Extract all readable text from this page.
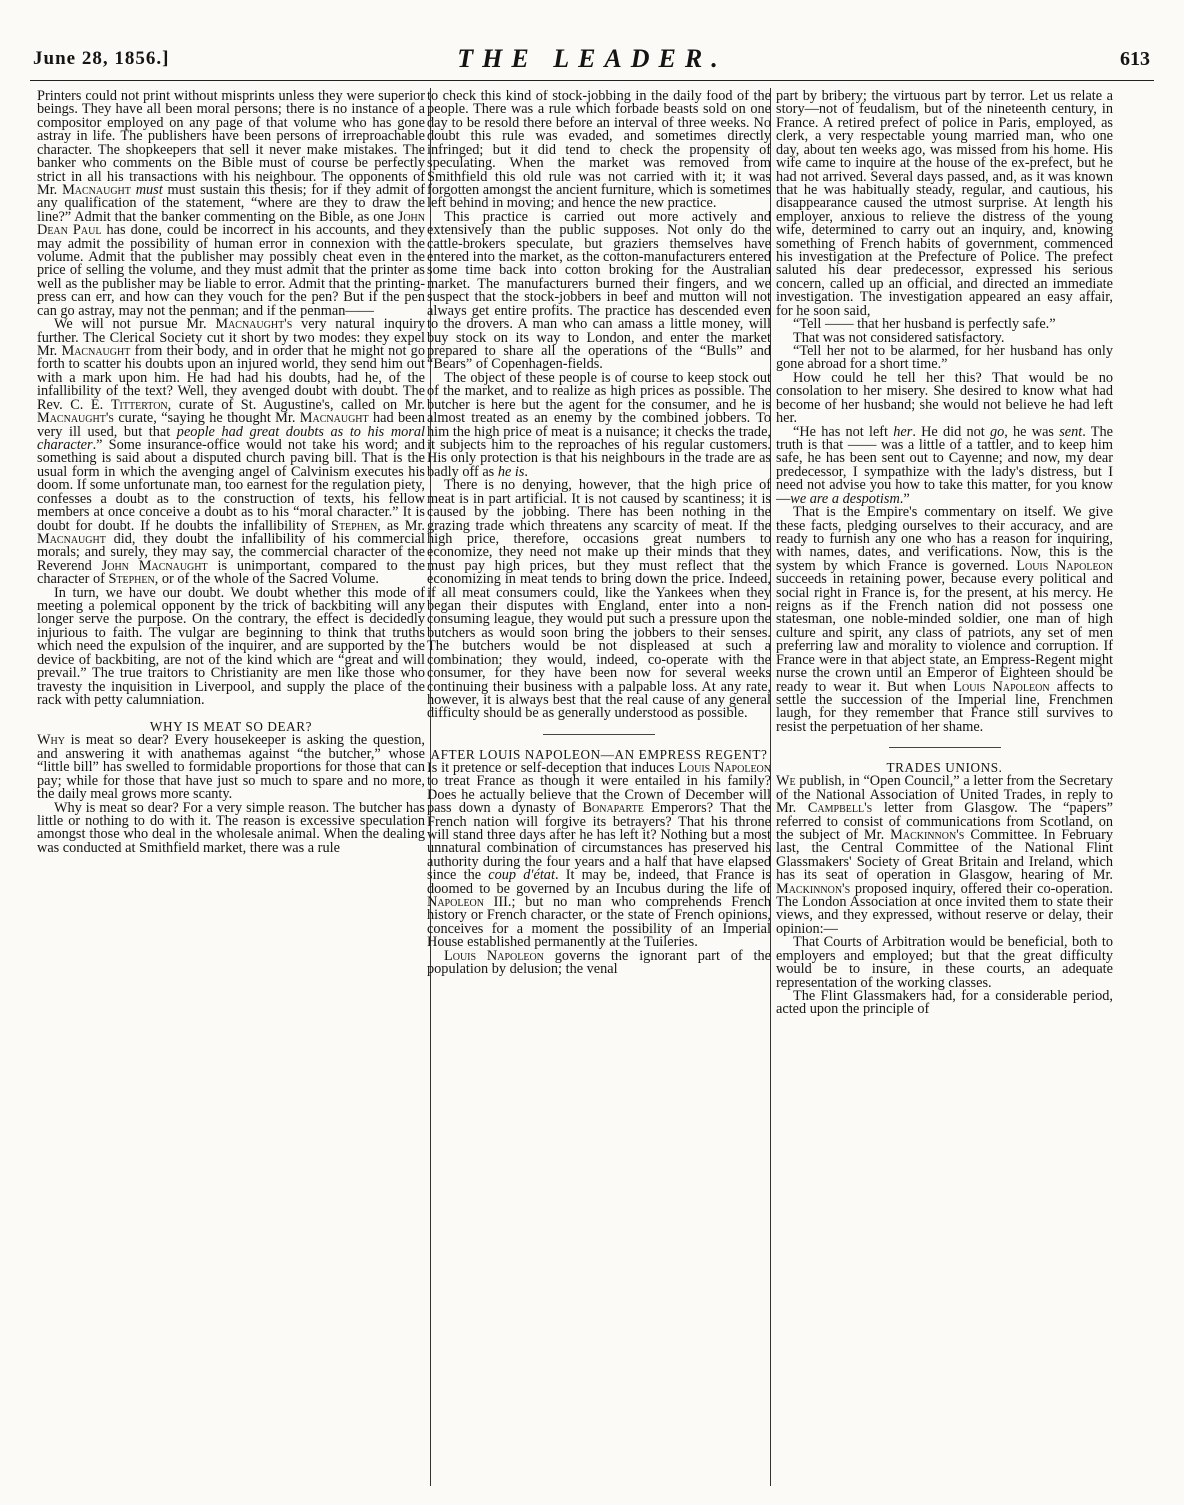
June 28, 1856.]	THE LEADER.	613

Printers could not print without misprints unless they were superior beings. They have all been moral persons; there is no instance of a compositor employed on any page of that volume who has gone astray in life. The publishers have been persons of irreproachable character. The shopkeepers that sell it never make mistakes. The banker who comments on the Bible must of course be perfectly strict in all his transactions with his neighbour. The opponents of Mr. Macnaught must must sustain this thesis; for if they admit of any qualification of the statement, “where are they to draw the line?” Admit that the banker commenting on the Bible, as one John Dean Paul has done, could be incorrect in his accounts, and they may admit the possibility of human error in connexion with the volume. Admit that the publisher may possibly cheat even in the price of selling the volume, and they must admit that the printer as well as the publisher may be liable to error. Admit that the printing-press can err, and how can they vouch for the pen? But if the pen can go astray, may not the penman; and if the penman——

We will not pursue Mr. Macnaught's very natural inquiry further. The Clerical Society cut it short by two modes: they expel Mr. Macnaught from their body, and in order that he might not go forth to scatter his doubts upon an injured world, they send him out with a mark upon him. He had had his doubts, had he, of the infallibility of the text? Well, they avenged doubt with doubt. The Rev. C. E. Titterton, curate of St. Augustine's, called on Mr. Macnaught's curate, “saying he thought Mr. Macnaught had been very ill used, but that people had great doubts as to his moral character.” Some insurance-office would not take his word; and something is said about a disputed church paving bill. That is the usual form in which the avenging angel of Calvinism executes his doom. If some unfortunate man, too earnest for the regulation piety, confesses a doubt as to the construction of texts, his fellow members at once conceive a doubt as to his “moral character.” It is doubt for doubt. If he doubts the infallibility of Stephen, as Mr. Macnaught did, they doubt the infallibility of his commercial morals; and surely, they may say, the commercial character of the Reverend John Macnaught is unimportant, compared to the character of Stephen, or of the whole of the Sacred Volume.

In turn, we have our doubt. We doubt whether this mode of meeting a polemical opponent by the trick of backbiting will any longer serve the purpose. On the contrary, the effect is decidedly injurious to faith. The vulgar are beginning to think that truths which need the expulsion of the inquirer, and are supported by the device of backbiting, are not of the kind which are “great and will prevail.” The true traitors to Christianity are men like those who travesty the inquisition in Liverpool, and supply the place of the rack with petty calumniation.

WHY IS MEAT SO DEAR?

Why is meat so dear? Every housekeeper is asking the question, and answering it with anathemas against “the butcher,” whose “little bill” has swelled to formidable proportions for those that can pay; while for those that have just so much to spare and no more, the daily meal grows more scanty.

Why is meat so dear? For a very simple reason. The butcher has little or nothing to do with it. The reason is excessive speculation amongst those who deal in the wholesale animal. When the dealing was conducted at Smithfield market, there was a rule

to check this kind of stock-jobbing in the daily food of the people. There was a rule which forbade beasts sold on one day to be resold there before an interval of three weeks. No doubt this rule was evaded, and sometimes directly infringed; but it did tend to check the propensity of speculating. When the market was removed from Smithfield this old rule was not carried with it; it was forgotten amongst the ancient furniture, which is sometimes left behind in moving; and hence the new practice.

This practice is carried out more actively and extensively than the public supposes. Not only do the cattle-brokers speculate, but graziers themselves have entered into the market, as the cotton-manufacturers entered some time back into cotton broking for the Australian market. The manufacturers burned their fingers, and we suspect that the stock-jobbers in beef and mutton will not always get entire profits. The practice has descended even to the drovers. A man who can amass a little money, will buy stock on its way to London, and enter the market prepared to share all the operations of the “Bulls” and “Bears” of Copenhagen-fields.

The object of these people is of course to keep stock out of the market, and to realize as high prices as possible. The butcher is here but the agent for the consumer, and he is almost treated as an enemy by the combined jobbers. To him the high price of meat is a nuisance; it checks the trade, it subjects him to the reproaches of his regular customers. His only protection is that his neighbours in the trade are as badly off as he is.

There is no denying, however, that the high price of meat is in part artificial. It is not caused by scantiness; it is caused by the jobbing. There has been nothing in the grazing trade which threatens any scarcity of meat. If the high price, therefore, occasions great numbers to economize, they need not make up their minds that they must pay high prices, but they must reflect that the economizing in meat tends to bring down the price. Indeed, if all meat consumers could, like the Yankees when they began their disputes with England, enter into a non-consuming league, they would put such a pressure upon the butchers as would soon bring the jobbers to their senses. The butchers would be not displeased at such a combination; they would, indeed, co-operate with the consumer, for they have been now for several weeks continuing their business with a palpable loss. At any rate, however, it is always best that the real cause of any general difficulty should be as generally understood as possible.

AFTER LOUIS NAPOLEON—AN EMPRESS REGENT?

Is it pretence or self-deception that induces Louis Napoleon to treat France as though it were entailed in his family? Does he actually believe that the Crown of December will pass down a dynasty of Bonaparte Emperors? That the French nation will forgive its betrayers? That his throne will stand three days after he has left it? Nothing but a most unnatural combination of circumstances has preserved his authority during the four years and a half that have elapsed since the coup d'état. It may be, indeed, that France is doomed to be governed by an Incubus during the life of Napoleon III.; but no man who comprehends French history or French character, or the state of French opinions, conceives for a moment the possibility of an Imperial House established permanently at the Tuileries.

Louis Napoleon governs the ignorant part of the population by delusion; the venal

part by bribery; the virtuous part by terror. Let us relate a story—not of feudalism, but of the nineteenth century, in France. A retired prefect of police in Paris, employed, as clerk, a very respectable young married man, who one day, about ten weeks ago, was missed from his home. His wife came to inquire at the house of the ex-prefect, but he had not arrived. Several days passed, and, as it was known that he was habitually steady, regular, and cautious, his disappearance caused the utmost surprise. At length his employer, anxious to relieve the distress of the young wife, determined to carry out an inquiry, and, knowing something of French habits of government, commenced his investigation at the Prefecture of Police. The prefect saluted his dear predecessor, expressed his serious concern, called up an official, and directed an immediate investigation. The investigation appeared an easy affair, for he soon said,

“Tell —— that her husband is perfectly safe.”

That was not considered satisfactory.

“Tell her not to be alarmed, for her husband has only gone abroad for a short time.”

How could he tell her this? That would be no consolation to her misery. She desired to know what had become of her husband; she would not believe he had left her.

“He has not left her. He did not go, he was sent. The truth is that —— was a little of a tattler, and to keep him safe, he has been sent out to Cayenne; and now, my dear predecessor, I sympathize with the lady's distress, but I need not advise you how to take this matter, for you know—we are a despotism.”

That is the Empire's commentary on itself. We give these facts, pledging ourselves to their accuracy, and are ready to furnish any one who has a reason for inquiring, with names, dates, and verifications. Now, this is the system by which France is governed. Louis Napoleon succeeds in retaining power, because every political and social right in France is, for the present, at his mercy. He reigns as if the French nation did not possess one statesman, one noble-minded soldier, one man of high culture and spirit, any class of patriots, any set of men preferring law and morality to violence and corruption. If France were in that abject state, an Empress-Regent might nurse the crown until an Emperor of Eighteen should be ready to wear it. But when Louis Napoleon affects to settle the succession of the Imperial line, Frenchmen laugh, for they remember that France still survives to resist the perpetuation of her shame.

TRADES UNIONS.

We publish, in “Open Council,” a letter from the Secretary of the National Association of United Trades, in reply to Mr. Campbell's letter from Glasgow. The “papers” referred to consist of communications from Scotland, on the subject of Mr. Mackinnon's Committee. In February last, the Central Committee of the National Flint Glassmakers' Society of Great Britain and Ireland, which has its seat of operation in Glasgow, hearing of Mr. Mackinnon's proposed inquiry, offered their co-operation. The London Association at once invited them to state their views, and they expressed, without reserve or delay, their opinion:—

That Courts of Arbitration would be beneficial, both to employers and employed; but that the great difficulty would be to insure, in these courts, an adequate representation of the working classes.

The Flint Glassmakers had, for a considerable period, acted upon the principle of
